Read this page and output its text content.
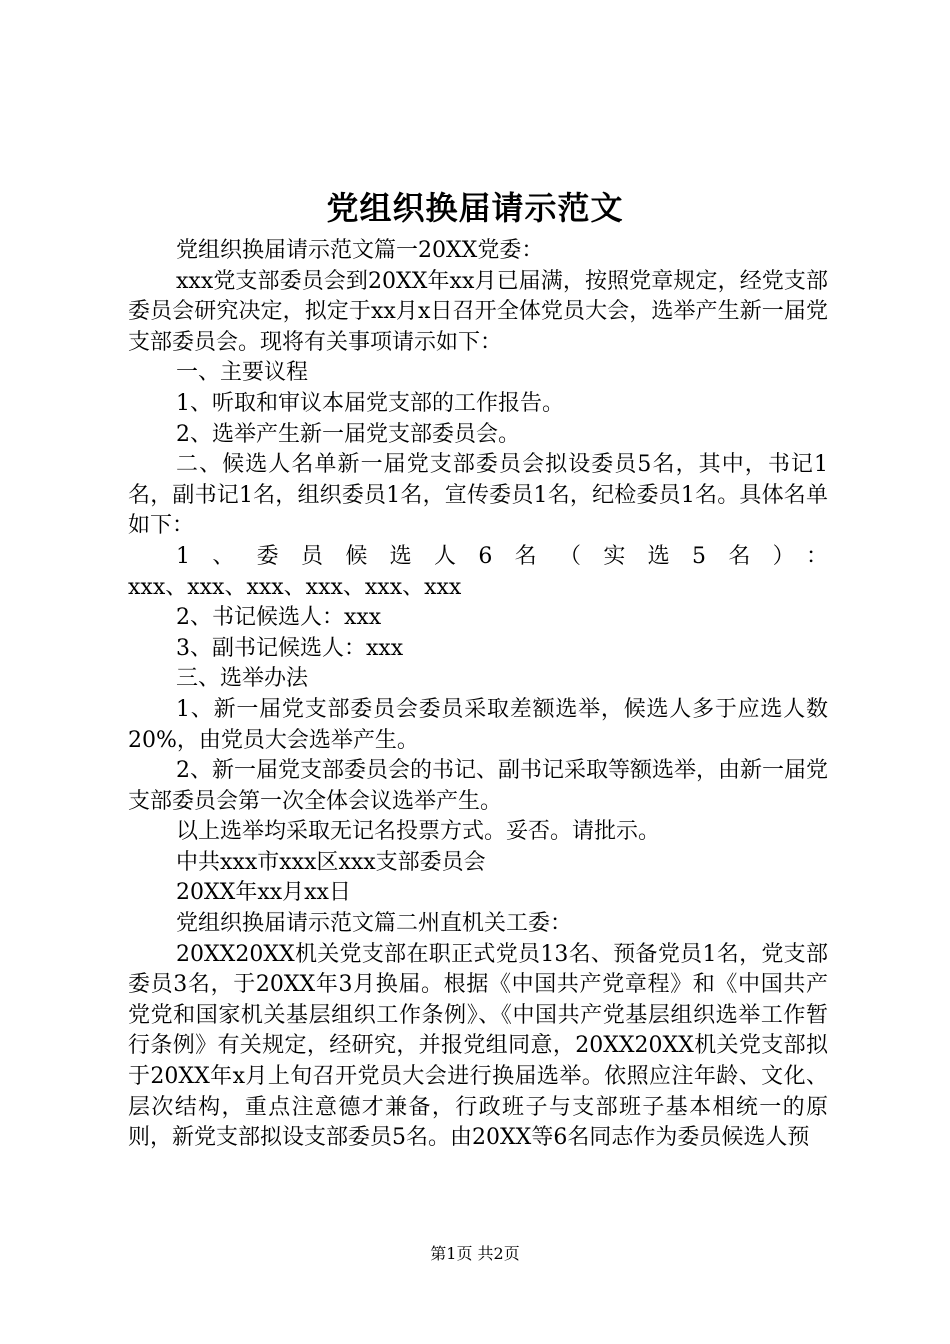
党组织换届请示范文

党组织换届请示范文篇一20XX党委：

xxx党支部委员会到20XX年xx月已届满，按照党章规定，经党支部委员会研究决定，拟定于xx月x日召开全体党员大会，选举产生新一届党支部委员会。现将有关事项请示如下：

一、主要议程

1、听取和审议本届党支部的工作报告。

2、选举产生新一届党支部委员会。

二、候选人名单新一届党支部委员会拟设委员5名，其中，书记1名，副书记1名，组织委员1名，宣传委员1名，纪检委员1名。具体名单如下：

1、委员候选人6名（实选5名）：

xxx、xxx、xxx、xxx、xxx、xxx

2、书记候选人：xxx

3、副书记候选人：xxx

三、选举办法

1、新一届党支部委员会委员采取差额选举，候选人多于应选人数20%，由党员大会选举产生。

2、新一届党支部委员会的书记、副书记采取等额选举，由新一届党支部委员会第一次全体会议选举产生。

以上选举均采取无记名投票方式。妥否。请批示。

中共xxx市xxx区xxx支部委员会

20XX年xx月xx日

党组织换届请示范文篇二州直机关工委：

20XX20XX机关党支部在职正式党员13名、预备党员1名，党支部委员3名，于20XX年3月换届。根据《中国共产党章程》和《中国共产党党和国家机关基层组织工作条例》、《中国共产党基层组织选举工作暂行条例》有关规定，经研究，并报党组同意，20XX20XX机关党支部拟于20XX年x月上旬召开党员大会进行换届选举。依照应注年龄、文化、层次结构，重点注意德才兼备，行政班子与支部班子基本相统一的原则，新党支部拟设支部委员5名。由20XX等6名同志作为委员候选人预

第1页 共2页
